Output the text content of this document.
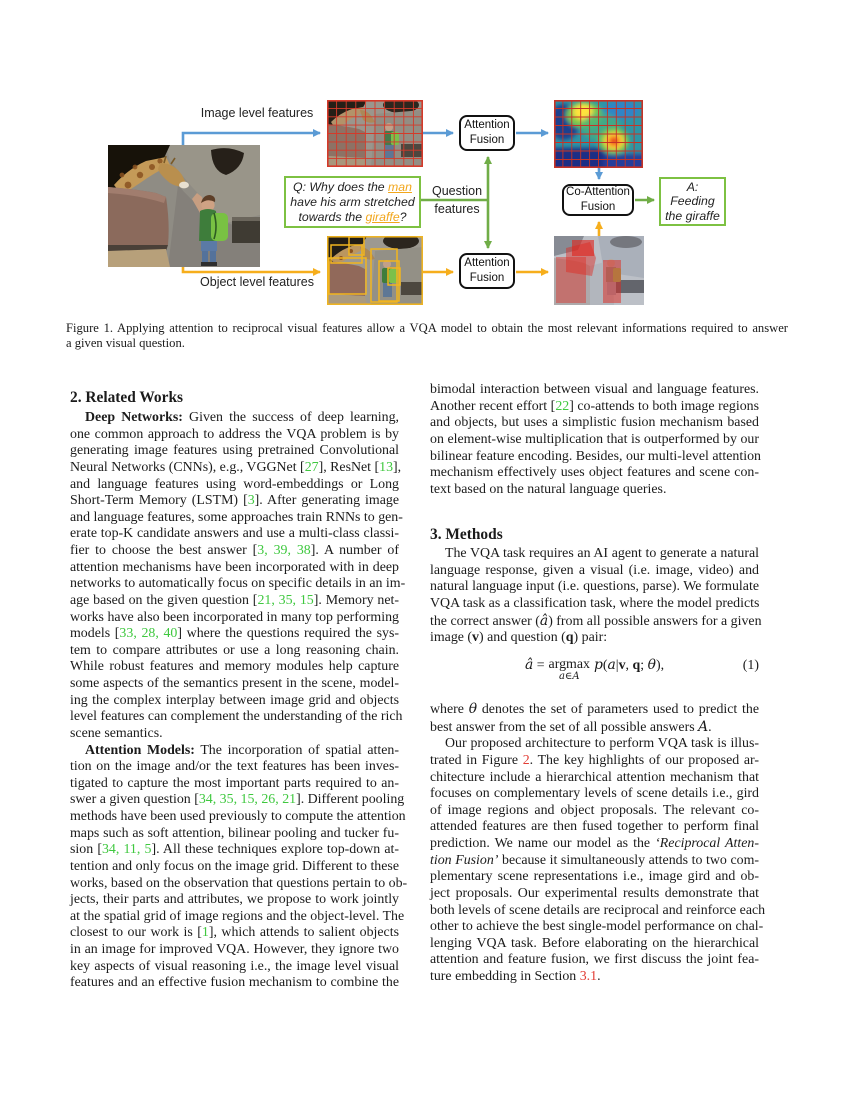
Image level features
Object level features
Question
features
Attention
Fusion
Attention
Fusion
Co-Attention
Fusion
Q: Why does the man have his arm stretched towards the giraffe?
A:
Feeding
the giraffe
Figure 1. Applying attention to reciprocal visual features allow a VQA model to obtain the most relevant informations required to answer
a given visual question.
2. Related Works
Deep Networks: Given the success of deep learning,
one common approach to address the VQA problem is by
generating image features using pretrained Convolutional
Neural Networks (CNNs), e.g., VGGNet [27], ResNet [13],
and language features using word-embeddings or Long
Short-Term Memory (LSTM) [3]. After generating image
and language features, some approaches train RNNs to gen-
erate top-K candidate answers and use a multi-class classi-
fier to choose the best answer [3, 39, 38]. A number of
attention mechanisms have been incorporated with in deep
networks to automatically focus on specific details in an im-
age based on the given question [21, 35, 15]. Memory net-
works have also been incorporated in many top performing
models [33, 28, 40] where the questions required the sys-
tem to compare attributes or use a long reasoning chain.
While robust features and memory modules help capture
some aspects of the semantics present in the scene, model-
ing the complex interplay between image grid and objects
level features can complement the understanding of the rich
scene semantics.
Attention Models: The incorporation of spatial atten-
tion on the image and/or the text features has been inves-
tigated to capture the most important parts required to an-
swer a given question [34, 35, 15, 26, 21]. Different pooling
methods have been used previously to compute the attention
maps such as soft attention, bilinear pooling and tucker fu-
sion [34, 11, 5]. All these techniques explore top-down at-
tention and only focus on the image grid. Different to these
works, based on the observation that questions pertain to ob-
jects, their parts and attributes, we propose to work jointly
at the spatial grid of image regions and the object-level. The
closest to our work is [1], which attends to salient objects
in an image for improved VQA. However, they ignore two
key aspects of visual reasoning i.e., the image level visual
features and an effective fusion mechanism to combine the
bimodal interaction between visual and language features.
Another recent effort [22] co-attends to both image regions
and objects, but uses a simplistic fusion mechanism based
on element-wise multiplication that is outperformed by our
bilinear feature encoding. Besides, our multi-level attention
mechanism effectively uses object features and scene con-
text based on the natural language queries.
3. Methods
The VQA task requires an AI agent to generate a natural
language response, given a visual (i.e. image, video) and
natural language input (i.e. questions, parse). We formulate
VQA task as a classification task, where the model predicts
the correct answer (â) from all possible answers for a given
image (v) and question (q) pair:
â = argmax
a∈A
p(a|v, q; θ),	(1)
where θ denotes the set of parameters used to predict the
best answer from the set of all possible answers A.
Our proposed architecture to perform VQA task is illus-
trated in Figure 2. The key highlights of our proposed ar-
chitecture include a hierarchical attention mechanism that
focuses on complementary levels of scene details i.e., gird
of image regions and object proposals. The relevant co-
attended features are then fused together to perform final
prediction. We name our model as the ‘Reciprocal Atten-
tion Fusion’ because it simultaneously attends to two com-
plementary scene representations i.e., image gird and ob-
ject proposals. Our experimental results demonstrate that
both levels of scene details are reciprocal and reinforce each
other to achieve the best single-model performance on chal-
lenging VQA task. Before elaborating on the hierarchical
attention and feature fusion, we first discuss the joint fea-
ture embedding in Section 3.1.
